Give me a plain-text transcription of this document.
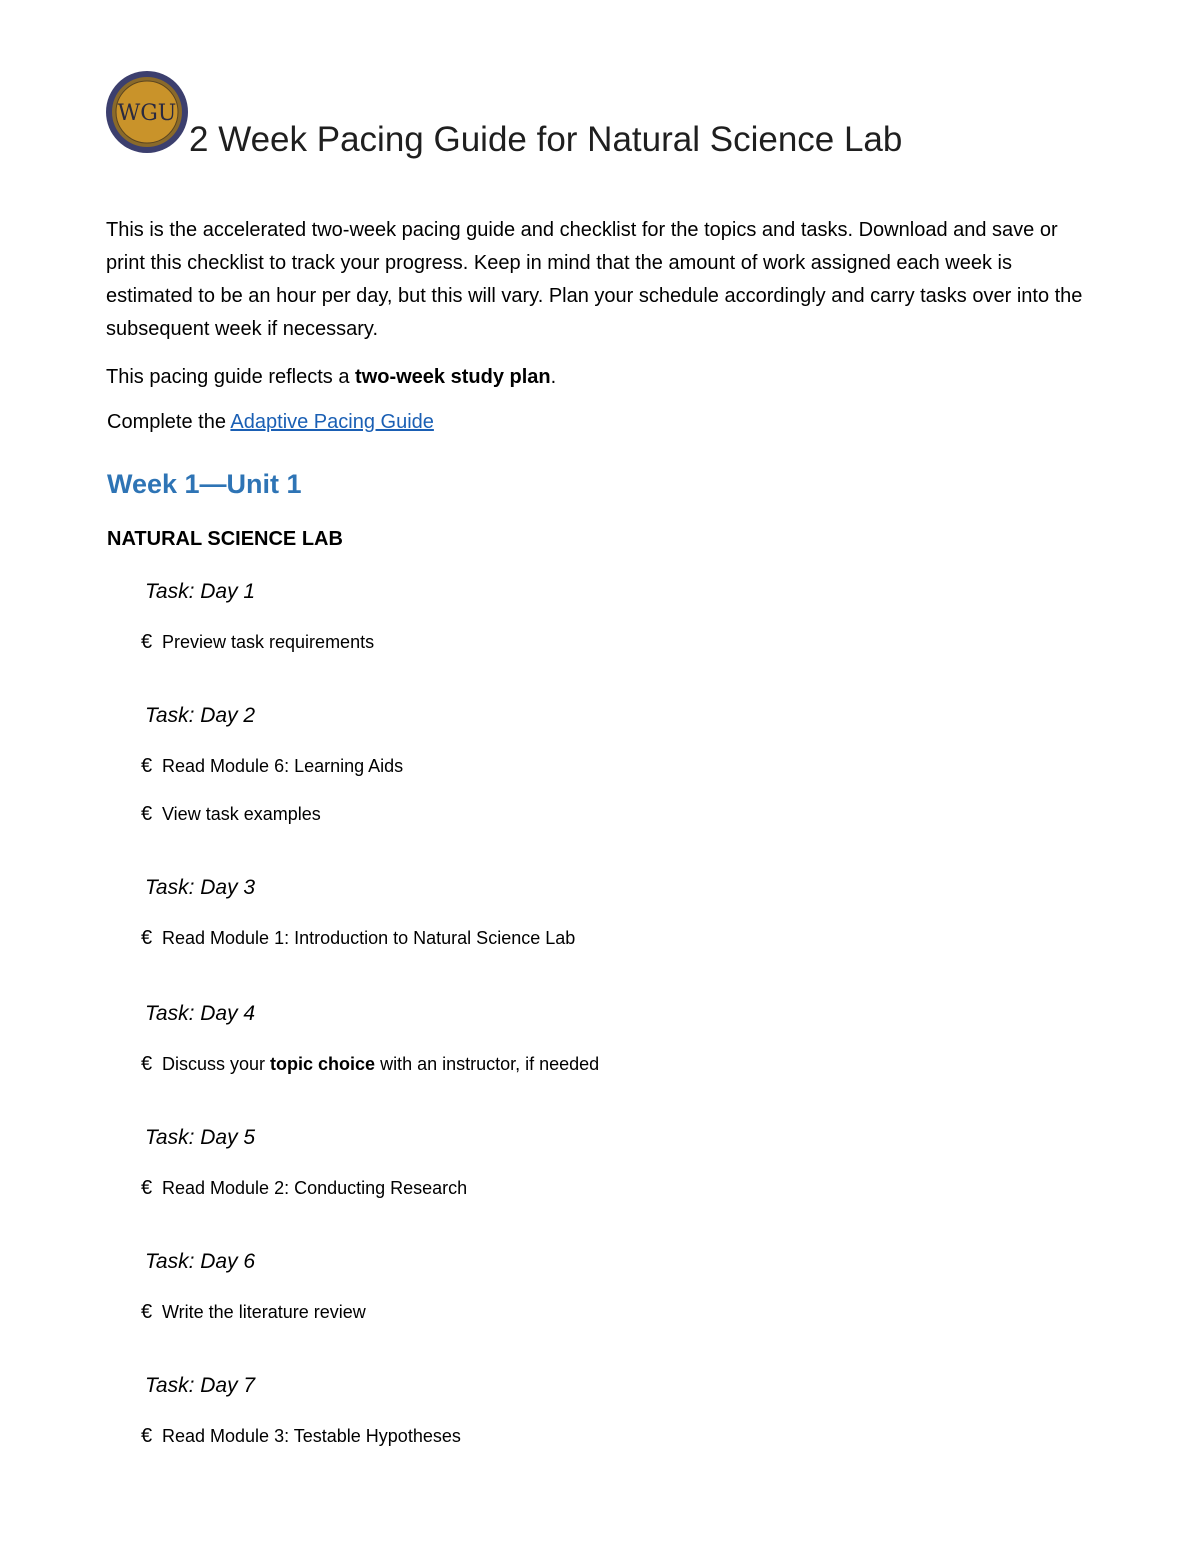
WGU
2 Week Pacing Guide for Natural Science Lab

This is the accelerated two-week pacing guide and checklist for the topics and tasks. Download and save or print this checklist to track your progress. Keep in mind that the amount of work assigned each week is estimated to be an hour per day, but this will vary. Plan your schedule accordingly and carry tasks over into the subsequent week if necessary.

This pacing guide reflects a two-week study plan.

Complete the Adaptive Pacing Guide

Week 1—Unit 1
NATURAL SCIENCE LAB

Task: Day 1

€ Preview task requirements

Task: Day 2

€ Read Module 6: Learning Aids

€ View task examples

Task: Day 3

€ Read Module 1: Introduction to Natural Science Lab

Task: Day 4

€ Discuss your topic choice with an instructor, if needed

Task: Day 5

€ Read Module 2: Conducting Research

Task: Day 6

€ Write the literature review

Task: Day 7

€ Read Module 3: Testable Hypotheses
